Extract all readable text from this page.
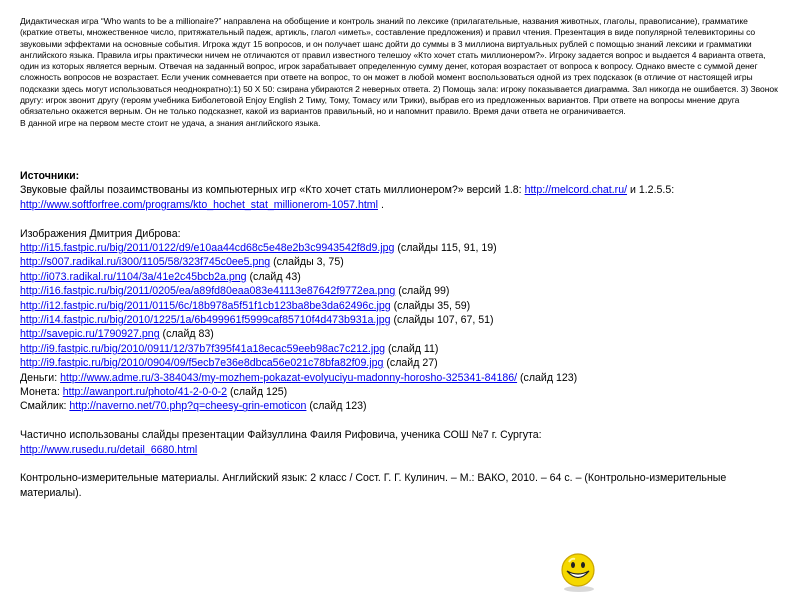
Дидактическая игра “Who wants to be a millionaire?” направлена на обобщение и контроль знаний по лексике (прилагательные, названия животных, глаголы, правописание), грамматике (краткие ответы, множественное число, притяжательный падеж, артикль, глагол «иметь», составление предложения) и правил чтения. Презентация в виде популярной телевикторины со звуковыми эффектами на основные события. Игрока ждут 15 вопросов, и он получает шанс дойти до суммы в 3 миллиона виртуальных рублей с помощью знаний лексики и грамматики английского языка. Правила игры практически ничем не отличаются от правил известного телешоу «Кто хочет стать миллионером?». Игроку задается вопрос и выдается 4 варианта ответа, один из которых является верным. Отвечая на заданный вопрос, игрок зарабатывает определенную сумму денег, которая возрастает от вопроса к вопросу. Однако вместе с суммой денег сложность вопросов не возрастает. Если ученик сомневается при ответе на вопрос, то он может в любой момент воспользоваться одной из трех подсказок (в отличие от настоящей игры подсказки здесь могут использоваться неоднократно):1) 50 Х 50: сзирана убираются 2 неверных ответа. 2) Помощь зала: игроку показывается диаграмма. Зал никогда не ошибается. 3) Звонок другу: игрок звонит другу (героям учебника Биболетовой Enjoy English 2 Тиму, Тому, Томасу или Трики), выбрав его из предложенных вариантов. При ответе на вопросы мнение друга обязательно окажется верным. Он не только подсказнет, какой из вариантов правильный, но и напомнит правило. Время дачи ответа не ограничивается.

В данной игре на первом месте стоит не удача, а знания английского языка.

Источники:

Звуковые файлы позаимствованы из компьютерных игр «Кто хочет стать миллионером?» версий 1.8: http://melcord.chat.ru/ и 1.2.5.5: http://www.softforfree.com/programs/kto_hochet_stat_millionerom-1057.html .

Изображения Дмитрия Диброва:

http://i15.fastpic.ru/big/2011/0122/d9/e10aa44cd68c5e48e2b3c9943542f8d9.jpg (слайды 115, 91, 19)

http://s007.radikal.ru/i300/1105/58/323f745c0ee5.png (слайды 3, 75)

http://i073.radikal.ru/1104/3a/41e2c45bcb2a.png (слайд 43)

http://i16.fastpic.ru/big/2011/0205/ea/a89fd80eaa083e41113e87642f9772ea.png (слайд 99)

http://i12.fastpic.ru/big/2011/0115/6c/18b978a5f51f1cb123ba8be3da62496c.jpg (слайды 35, 59)

http://i14.fastpic.ru/big/2010/1225/1a/6b499961f5999caf85710f4d473b931a.jpg (слайды 107, 67, 51)

http://savepic.ru/1790927.png (слайд 83)

http://i9.fastpic.ru/big/2010/0911/12/37b7f395f41a18ecac59eeb98ac7c212.jpg (слайд 11)

http://i9.fastpic.ru/big/2010/0904/09/f5ecb7e36e8dbca56e021c78bfa82f09.jpg (слайд 27)

Деньги: http://www.adme.ru/3-384043/my-mozhem-pokazat-evolyuciyu-madonny-horosho-325341-84186/ (слайд 123)

Монета: http://awanport.ru/photo/41-2-0-0-2 (слайд 125)

Смайлик: http://naverno.net/70.php?q=cheesy-grin-emoticon (слайд 123)

Частично использованы слайды презентации Файзуллина Фаиля Рифовича, ученика СОШ №7 г. Сургута:

http://www.rusedu.ru/detail_6680.html

Контрольно-измерительные материалы. Английский язык: 2 класс / Сост. Г. Г. Кулинич. – М.: ВАКО, 2010. – 64 с. – (Контрольно-измерительные материалы).
